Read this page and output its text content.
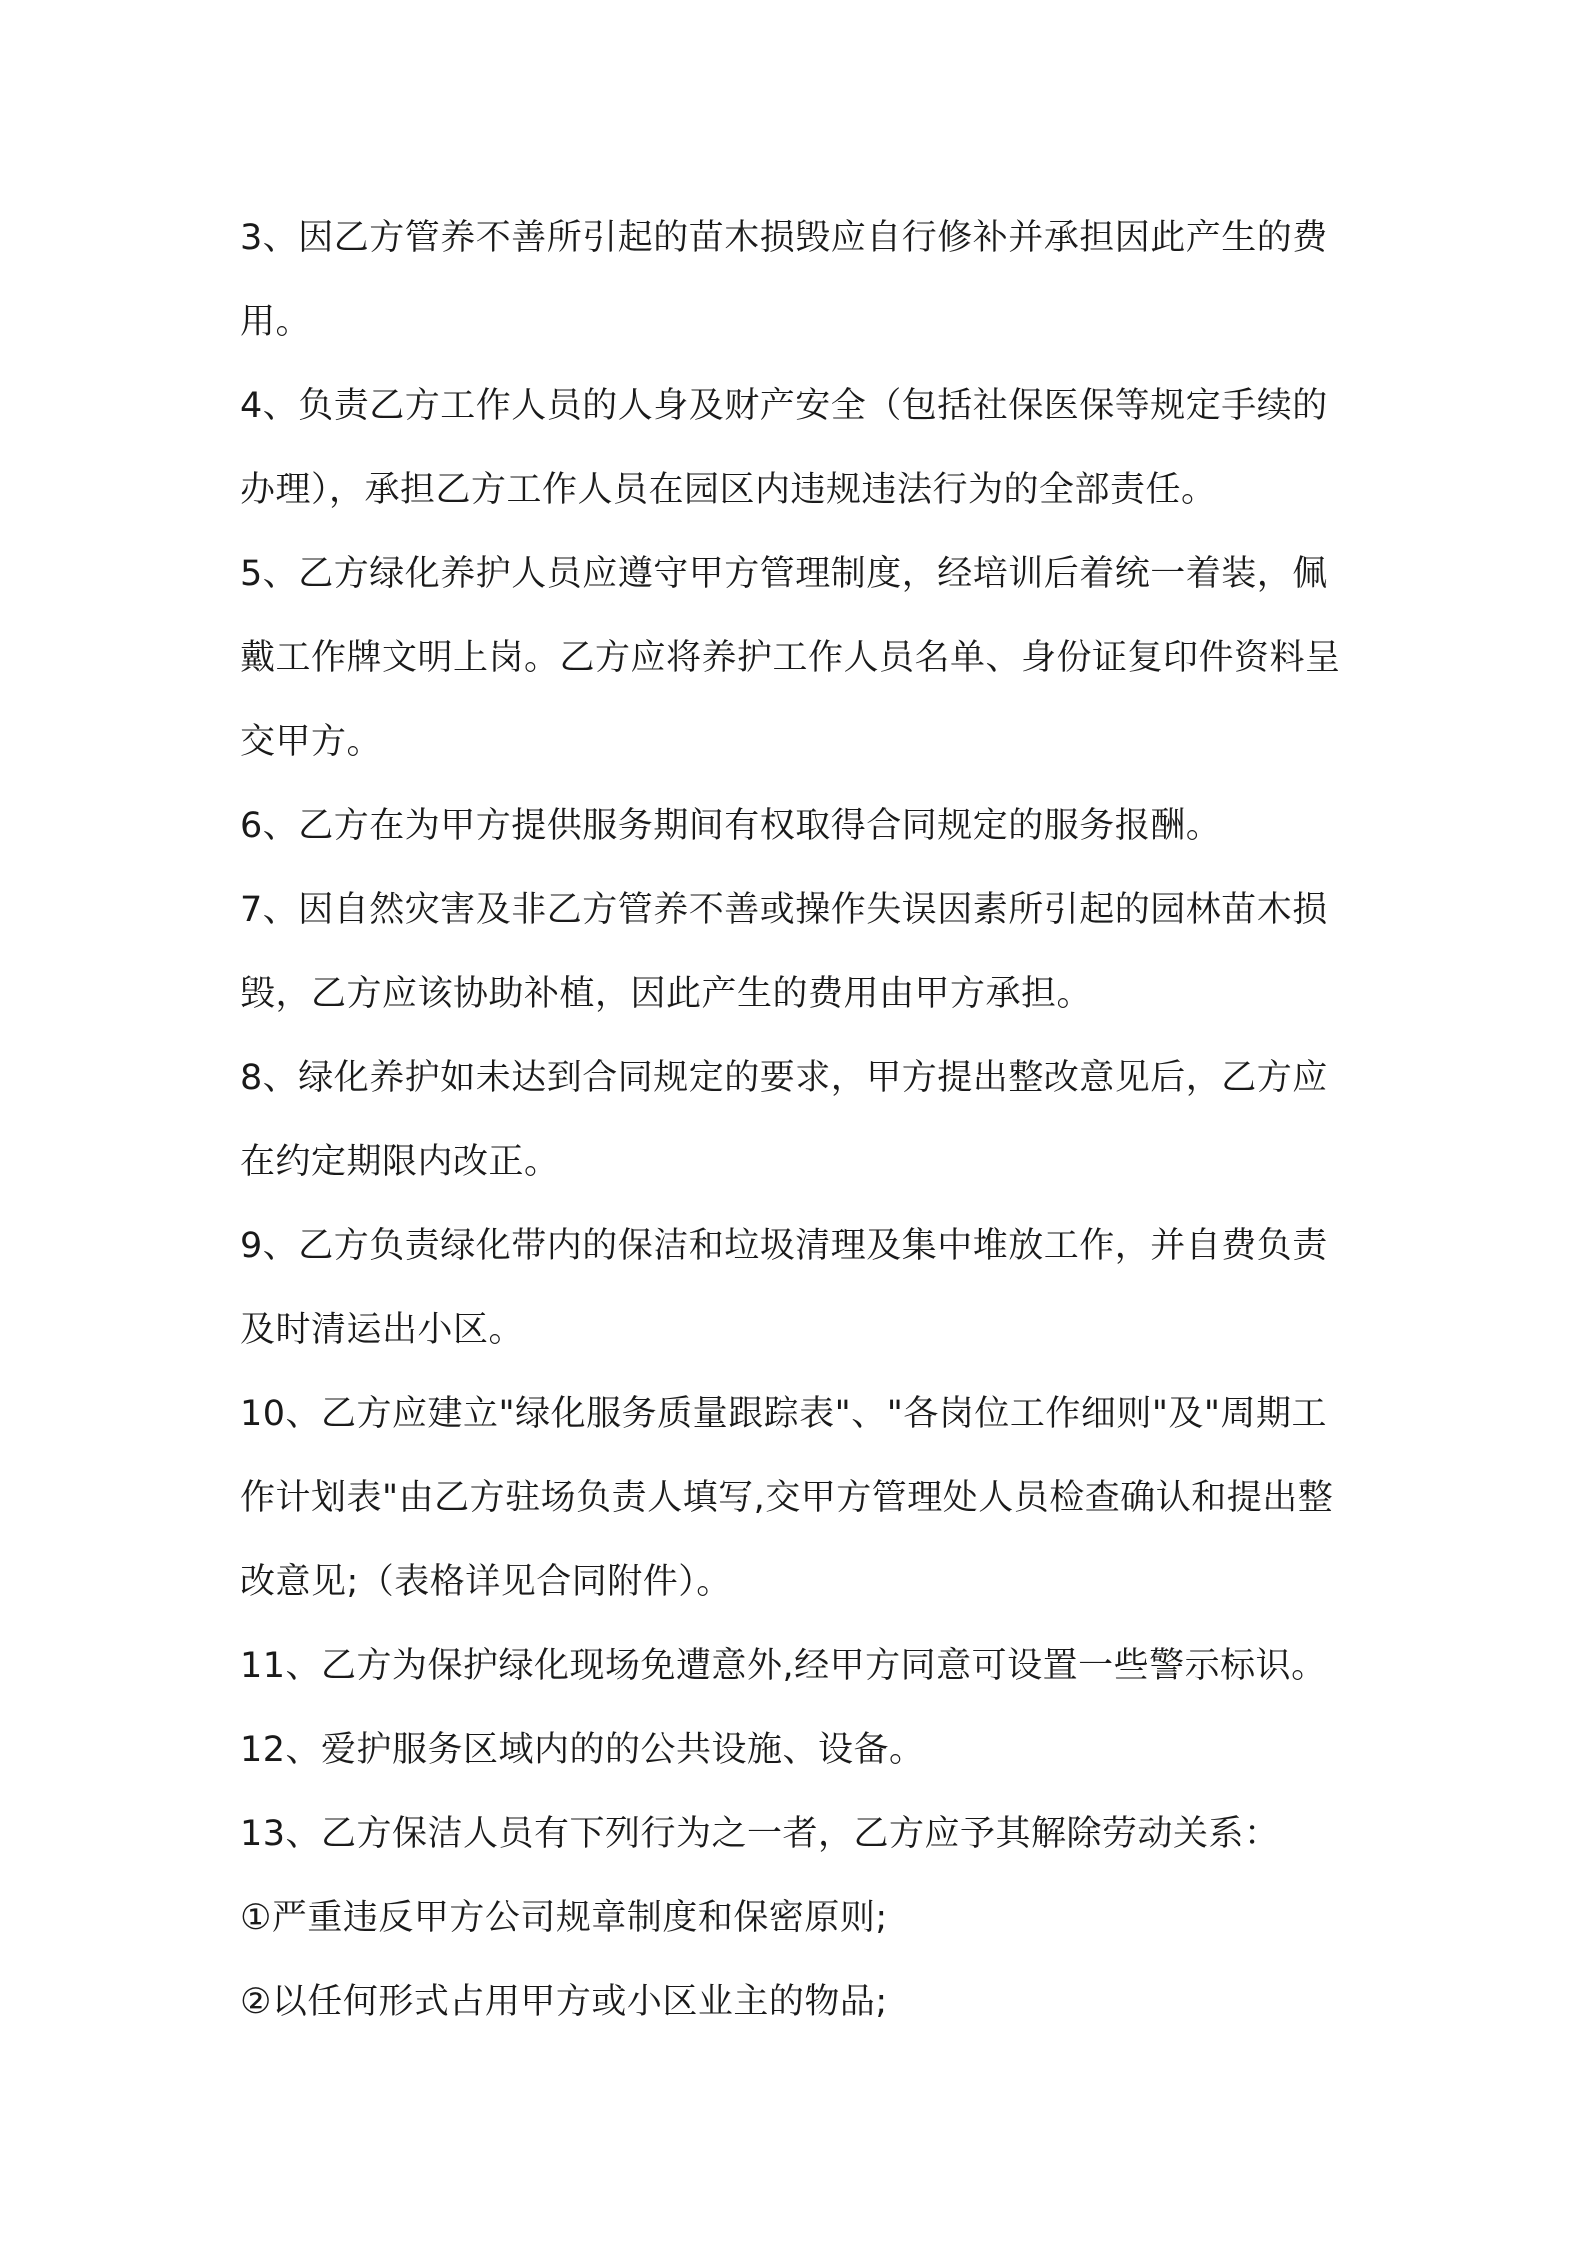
3、因乙方管养不善所引起的苗木损毁应自行修补并承担因此产生的费用。

4、负责乙方工作人员的人身及财产安全（包括社保医保等规定手续的办理），承担乙方工作人员在园区内违规违法行为的全部责任。

5、乙方绿化养护人员应遵守甲方管理制度，经培训后着统一着装，佩戴工作牌文明上岗。乙方应将养护工作人员名单、身份证复印件资料呈交甲方。

6、乙方在为甲方提供服务期间有权取得合同规定的服务报酬。

7、因自然灾害及非乙方管养不善或操作失误因素所引起的园林苗木损毁，乙方应该协助补植，因此产生的费用由甲方承担。

8、绿化养护如未达到合同规定的要求，甲方提出整改意见后，乙方应在约定期限内改正。

9、乙方负责绿化带内的保洁和垃圾清理及集中堆放工作，并自费负责及时清运出小区。

10、乙方应建立"绿化服务质量跟踪表"、"各岗位工作细则"及"周期工作计划表"由乙方驻场负责人填写,交甲方管理处人员检查确认和提出整改意见;（表格详见合同附件）。

11、乙方为保护绿化现场免遭意外,经甲方同意可设置一些警示标识。

12、爱护服务区域内的的公共设施、设备。

13、乙方保洁人员有下列行为之一者，乙方应予其解除劳动关系：

①严重违反甲方公司规章制度和保密原则;

②以任何形式占用甲方或小区业主的物品;
